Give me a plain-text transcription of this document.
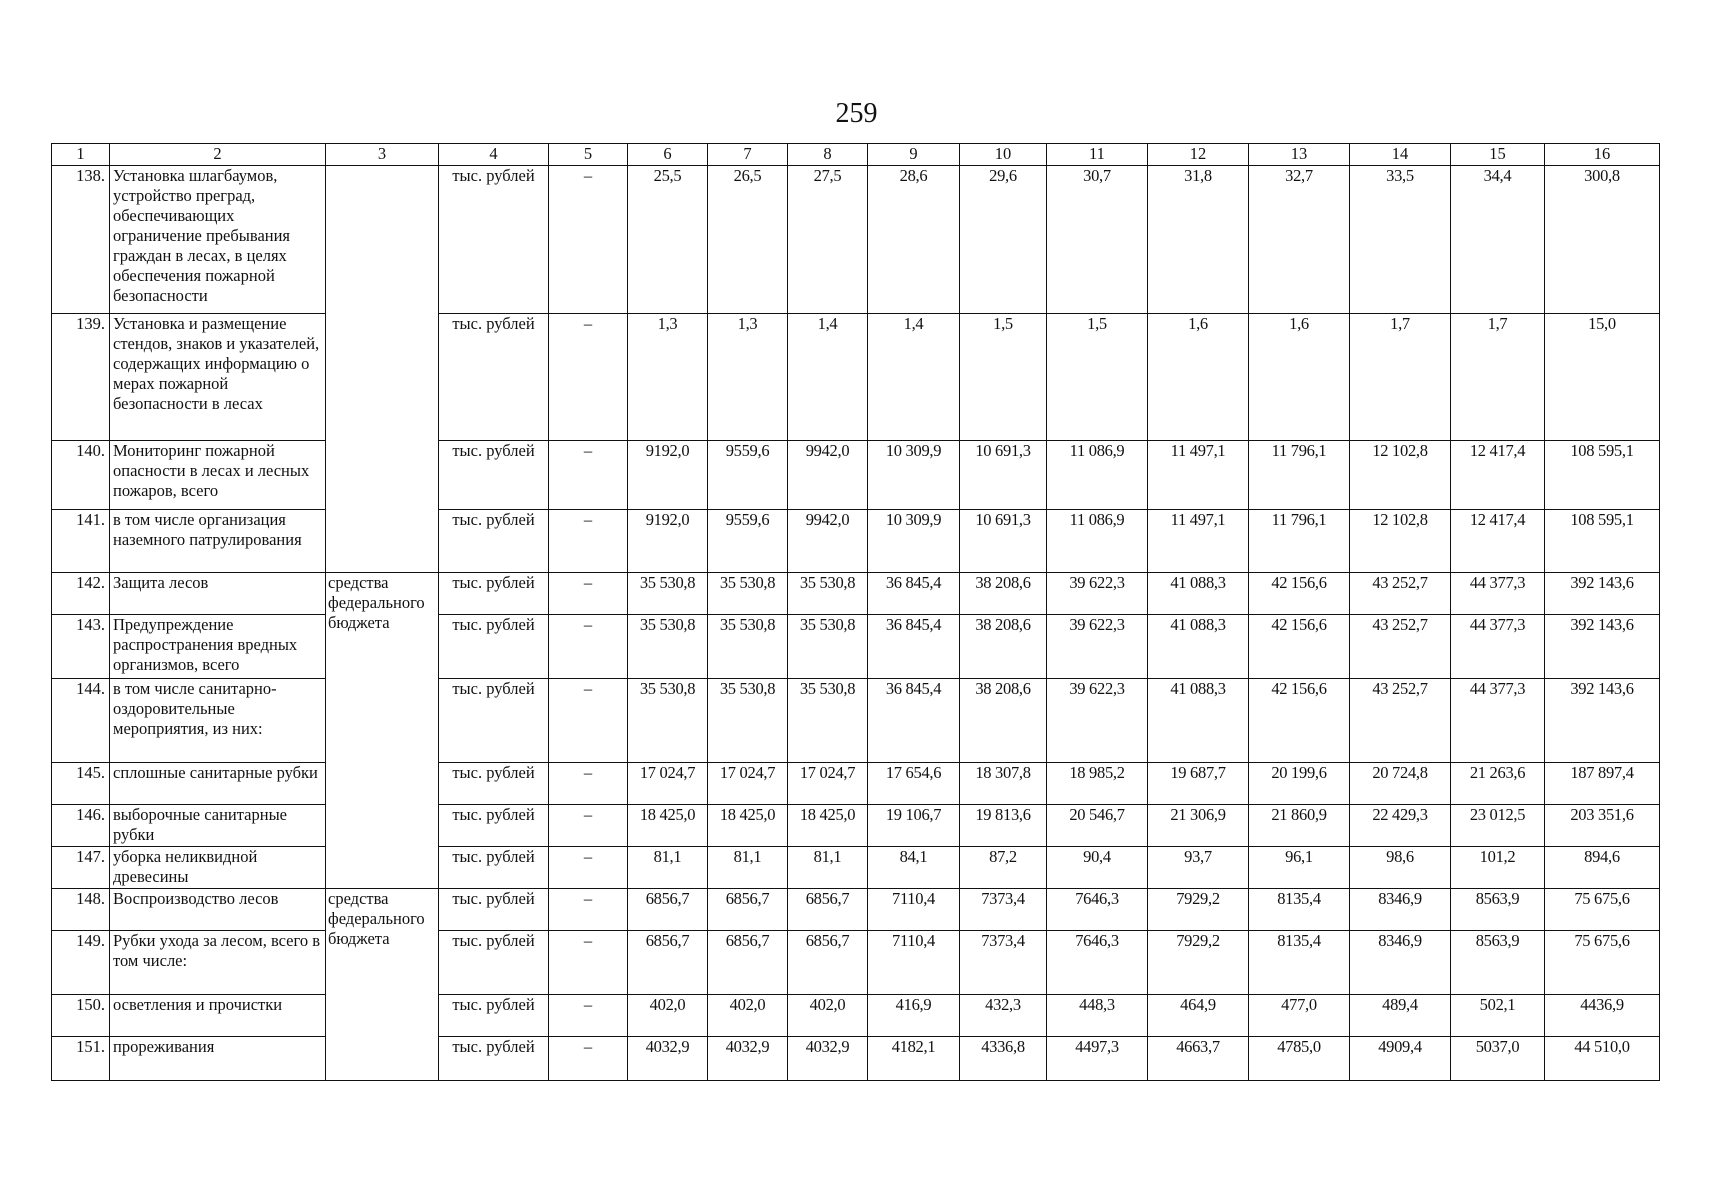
259
1	2	3	4	5	6	7	8	9	10	11	12	13	14	15	16
138.	Установка шлагбаумов, устройство преград, обеспечивающих ограничение пребывания граждан в лесах, в целях обеспечения пожарной безопасности		тыс. рублей	–	25,5	26,5	27,5	28,6	29,6	30,7	31,8	32,7	33,5	34,4	300,8
139.	Установка и размещение стендов, знаков и указателей, содержащих информацию о мерах пожарной безопасности в лесах		тыс. рублей	–	1,3	1,3	1,4	1,4	1,5	1,5	1,6	1,6	1,7	1,7	15,0
140.	Мониторинг пожарной опасности в лесах и лесных пожаров, всего		тыс. рублей	–	9192,0	9559,6	9942,0	10 309,9	10 691,3	11 086,9	11 497,1	11 796,1	12 102,8	12 417,4	108 595,1
141.	в том числе организация наземного патрулирования		тыс. рублей	–	9192,0	9559,6	9942,0	10 309,9	10 691,3	11 086,9	11 497,1	11 796,1	12 102,8	12 417,4	108 595,1
142.	Защита лесов	средства федерального бюджета	тыс. рублей	–	35 530,8	35 530,8	35 530,8	36 845,4	38 208,6	39 622,3	41 088,3	42 156,6	43 252,7	44 377,3	392 143,6
143.	Предупреждение распространения вредных организмов, всего		тыс. рублей	–	35 530,8	35 530,8	35 530,8	36 845,4	38 208,6	39 622,3	41 088,3	42 156,6	43 252,7	44 377,3	392 143,6
144.	в том числе санитарно-оздоровительные мероприятия, из них:		тыс. рублей	–	35 530,8	35 530,8	35 530,8	36 845,4	38 208,6	39 622,3	41 088,3	42 156,6	43 252,7	44 377,3	392 143,6
145.	сплошные санитарные рубки		тыс. рублей	–	17 024,7	17 024,7	17 024,7	17 654,6	18 307,8	18 985,2	19 687,7	20 199,6	20 724,8	21 263,6	187 897,4
146.	выборочные санитарные рубки		тыс. рублей	–	18 425,0	18 425,0	18 425,0	19 106,7	19 813,6	20 546,7	21 306,9	21 860,9	22 429,3	23 012,5	203 351,6
147.	уборка неликвидной древесины		тыс. рублей	–	81,1	81,1	81,1	84,1	87,2	90,4	93,7	96,1	98,6	101,2	894,6
148.	Воспроизводство лесов	средства федерального бюджета	тыс. рублей	–	6856,7	6856,7	6856,7	7110,4	7373,4	7646,3	7929,2	8135,4	8346,9	8563,9	75 675,6
149.	Рубки ухода за лесом, всего в том числе:		тыс. рублей	–	6856,7	6856,7	6856,7	7110,4	7373,4	7646,3	7929,2	8135,4	8346,9	8563,9	75 675,6
150.	осветления и прочистки		тыс. рублей	–	402,0	402,0	402,0	416,9	432,3	448,3	464,9	477,0	489,4	502,1	4436,9
151.	прореживания		тыс. рублей	–	4032,9	4032,9	4032,9	4182,1	4336,8	4497,3	4663,7	4785,0	4909,4	5037,0	44 510,0
